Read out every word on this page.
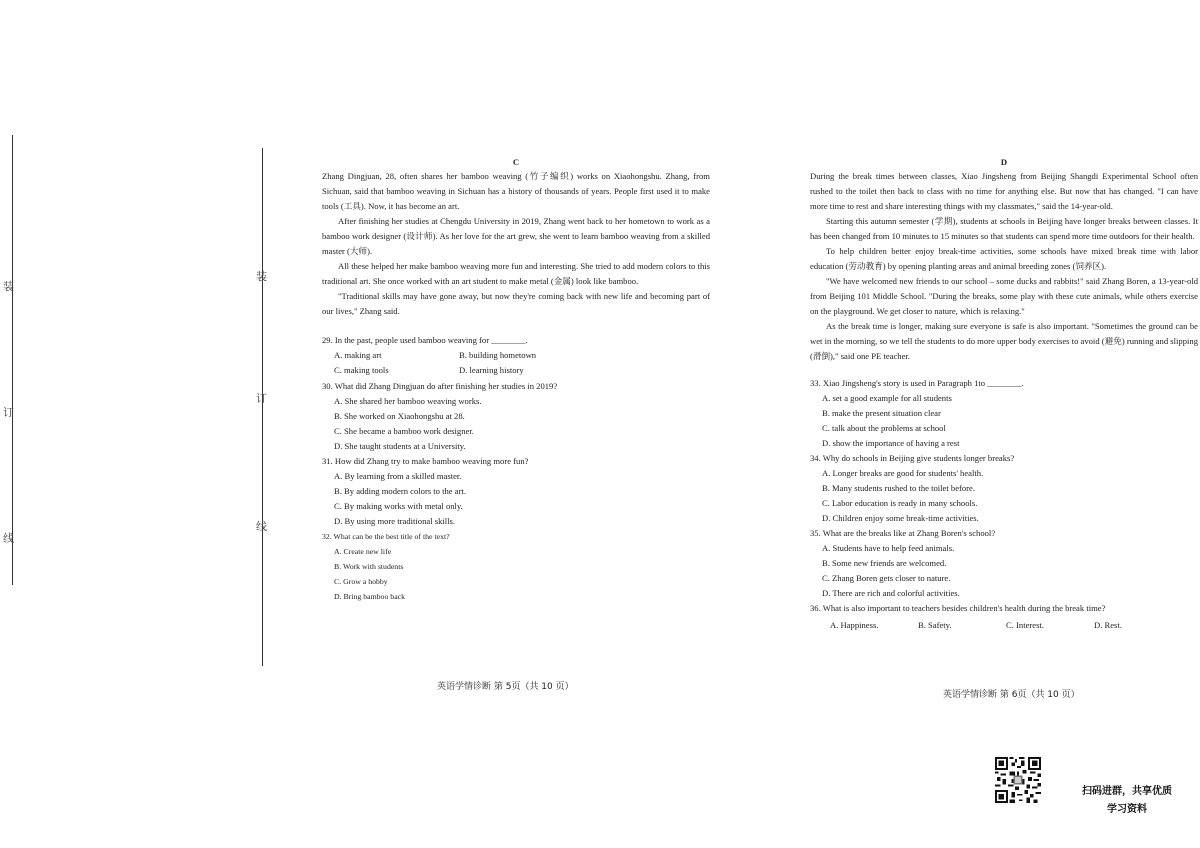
装
订
线
装
订
线
C

Zhang Dingjuan, 28, often shares her bamboo weaving (竹子编织) works on Xiaohongshu. Zhang, from Sichuan, said that bamboo weaving in Sichuan has a history of thousands of years. People first used it to make tools (工具). Now, it has become an art.

After finishing her studies at Chengdu University in 2019, Zhang went back to her hometown to work as a bamboo work designer (设计师). As her love for the art grew, she went to learn bamboo weaving from a skilled master (大师).

All these helped her make bamboo weaving more fun and interesting. She tried to add modern colors to this traditional art. She once worked with an art student to make metal (金属) look like bamboo.

"Traditional skills may have gone away, but now they're coming back with new life and becoming part of our lives," Zhang said.

29. In the past, people used bamboo weaving for ________.

A. making art	B. building hometown
C. making tools	D. learning history

30. What did Zhang Dingjuan do after finishing her studies in 2019?

A. She shared her bamboo weaving works.

B. She worked on Xiaohongshu at 28.

C. She became a bamboo work designer.

D. She taught students at a University.

31. How did Zhang try to make bamboo weaving more fun?

A. By learning from a skilled master.

B. By adding modern colors to the art.

C. By making works with metal only.

D. By using more traditional skills.

32. What can be the best title of the text?

A. Create new life

B. Work with students

C. Grow a hobby

D. Bring bamboo back

英语学情诊断 第 5页（共 10 页）
D

During the break times between classes, Xiao Jingsheng from Beijing Shangdi Experimental School often rushed to the toilet then back to class with no time for anything else. But now that has changed. "I can have more time to rest and share interesting things with my classmates," said the 14-year-old.

Starting this autumn semester (学期), students at schools in Beijing have longer breaks between classes. It has been changed from 10 minutes to 15 minutes so that students can spend more time outdoors for their health.

To help children better enjoy break-time activities, some schools have mixed break time with labor education (劳动教育) by opening planting areas and animal breeding zones (饲养区).

"We have welcomed new friends to our school – some ducks and rabbits!" said Zhang Boren, a 13-year-old from Beijing 101 Middle School. "During the breaks, some play with these cute animals, while others exercise on the playground. We get closer to nature, which is relaxing."

As the break time is longer, making sure everyone is safe is also important. "Sometimes the ground can be wet in the morning, so we tell the students to do more upper body exercises to avoid (避免) running and slipping (滑倒)," said one PE teacher.

33. Xiao Jingsheng's story is used in Paragraph 1to ________.

A. set a good example for all students

B. make the present situation clear

C. talk about the problems at school

D. show the importance of having a rest

34. Why do schools in Beijing give students longer breaks?

A. Longer breaks are good for students' health.

B. Many students rushed to the toilet before.

C. Labor education is ready in many schools.

D. Children enjoy some break-time activities.

35. What are the breaks like at Zhang Boren's school?

A. Students have to help feed animals.

B. Some new friends are welcomed.

C. Zhang Boren gets closer to nature.

D. There are rich and colorful activities.

36. What is also important to teachers besides children's health during the break time?

A. Happiness.	B. Safety.	C. Interest.	D. Rest.
英语学情诊断 第 6页（共 10 页）
扫码进群，共享优质
学习资料
